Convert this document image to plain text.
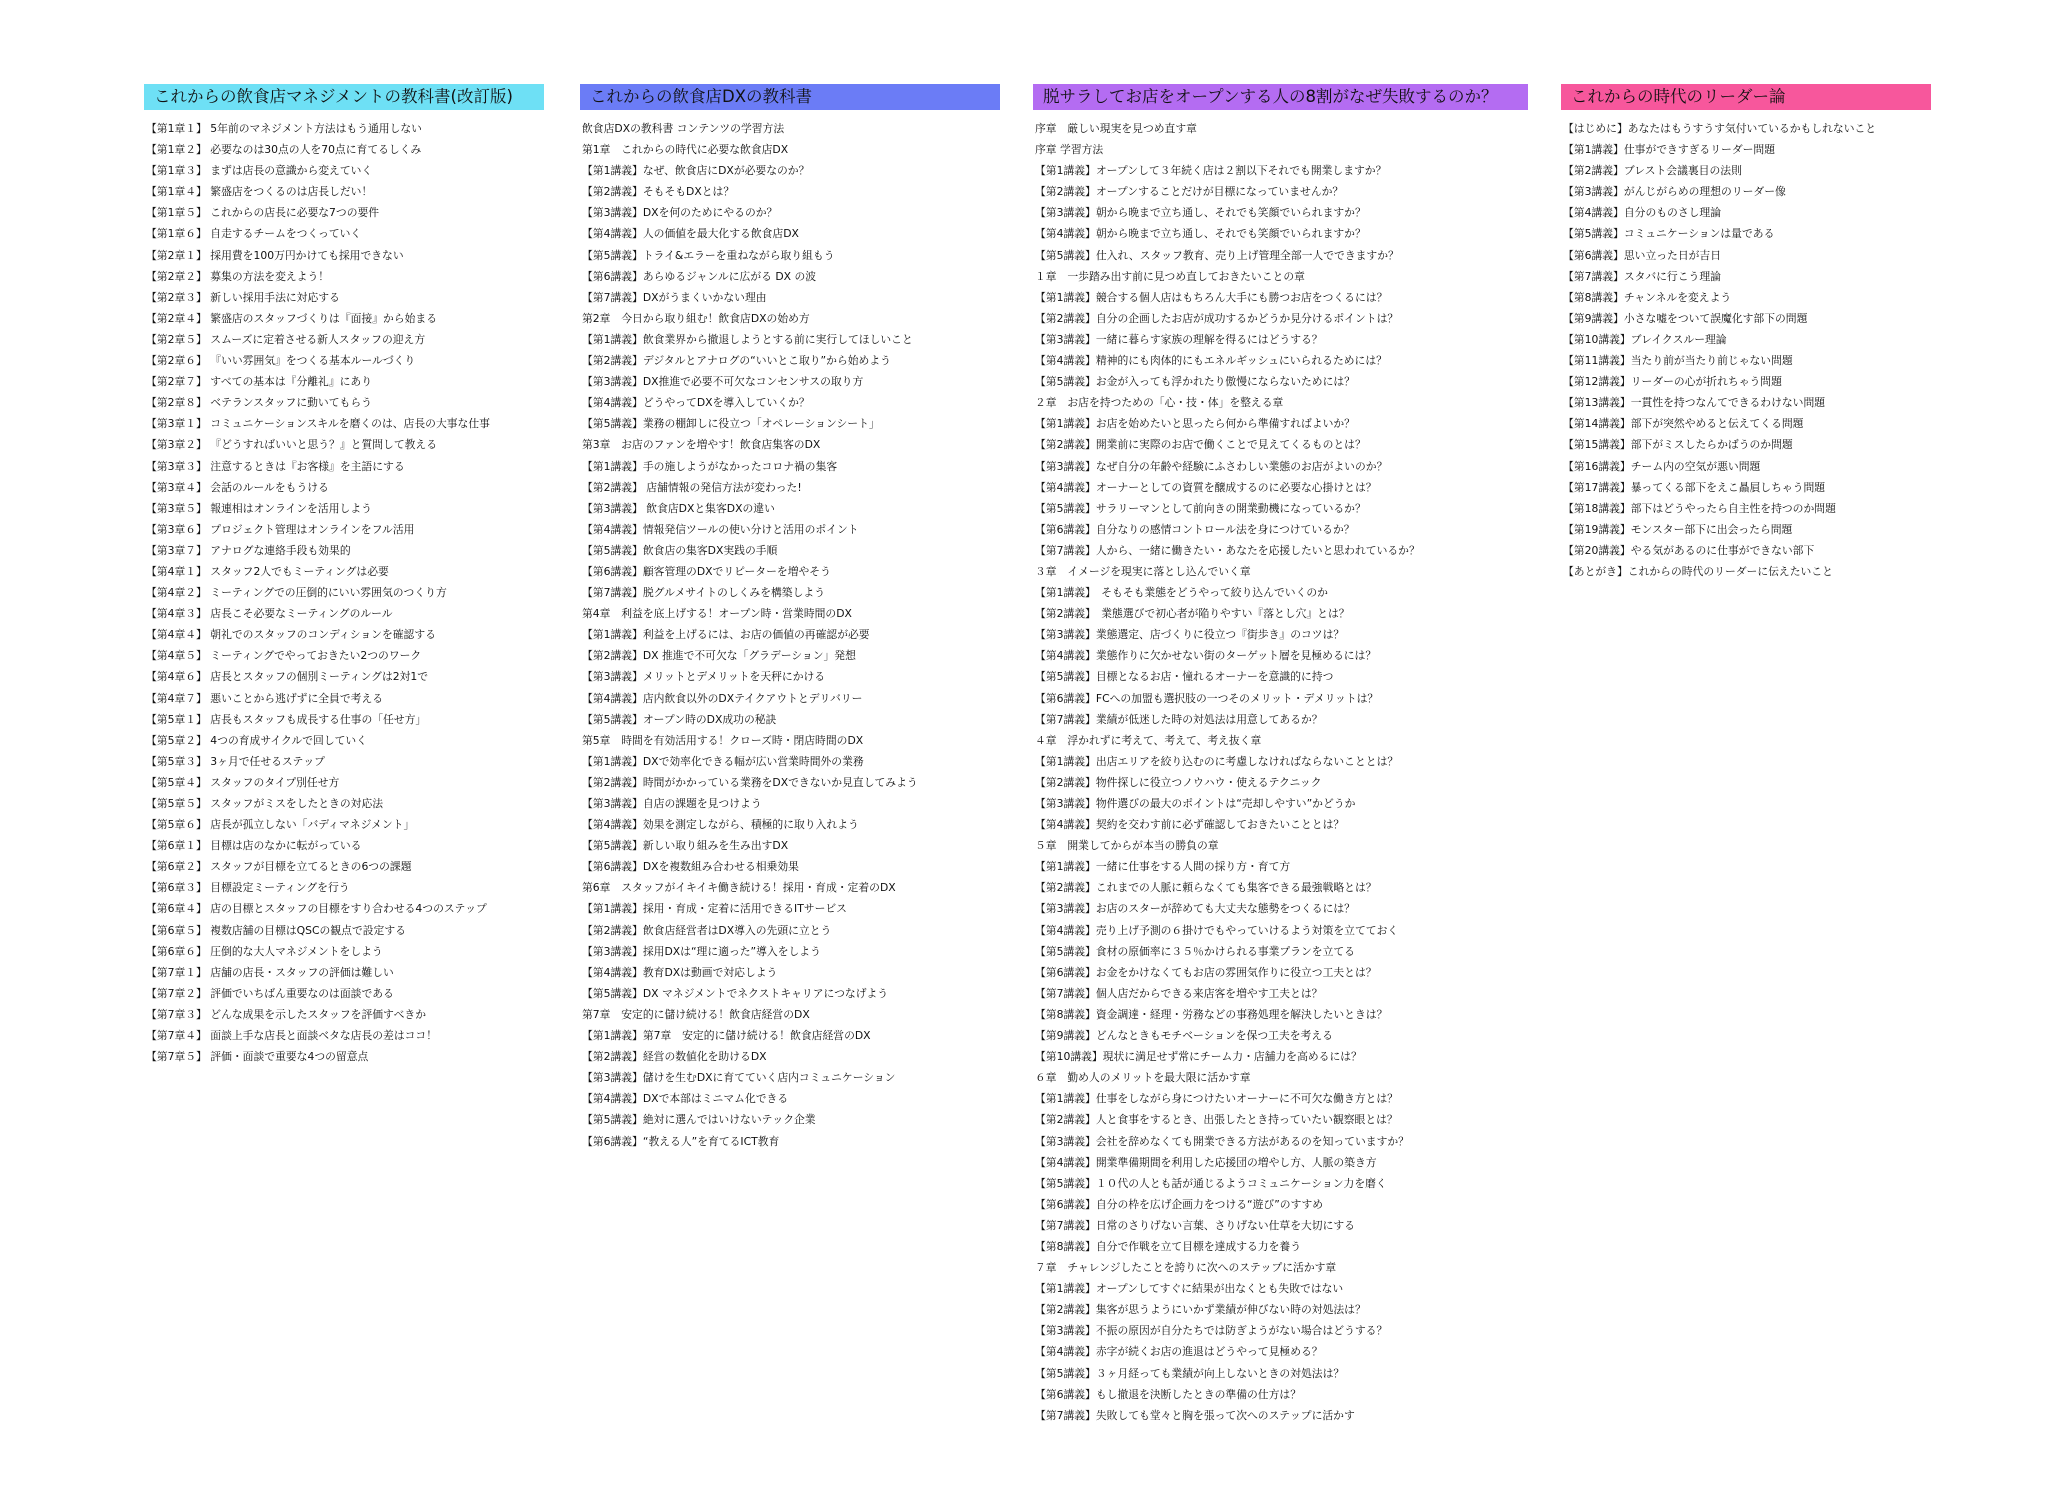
これからの飲食店マネジメントの教科書(改訂版)
【第1章１】 5年前のマネジメント方法はもう通用しない
【第1章２】 必要なのは30点の人を70点に育てるしくみ
【第1章３】 まずは店長の意識から変えていく
【第1章４】 繁盛店をつくるのは店長しだい！
【第1章５】 これからの店長に必要な7つの要件
【第1章６】 自走するチームをつくっていく
【第2章１】 採用費を100万円かけても採用できない
【第2章２】 募集の方法を変えよう！
【第2章３】 新しい採用手法に対応する
【第2章４】 繁盛店のスタッフづくりは『面接』から始まる
【第2章５】 スムーズに定着させる新人スタッフの迎え方
【第2章６】 『いい雰囲気』をつくる基本ルールづくり
【第2章７】 すべての基本は『分離礼』にあり
【第2章８】 ベテランスタッフに動いてもらう
【第3章１】 コミュニケーションスキルを磨くのは、店長の大事な仕事
【第3章２】 『どうすればいいと思う？』と質問して教える
【第3章３】 注意するときは『お客様』を主語にする
【第3章４】 会話のルールをもうける
【第3章５】 報連相はオンラインを活用しよう
【第3章６】 プロジェクト管理はオンラインをフル活用
【第3章７】 アナログな連絡手段も効果的
【第4章１】 スタッフ2人でもミーティングは必要
【第4章２】 ミーティングでの圧倒的にいい雰囲気のつくり方
【第4章３】 店長こそ必要なミーティングのルール
【第4章４】 朝礼でのスタッフのコンディションを確認する
【第4章５】 ミーティングでやっておきたい2つのワーク
【第4章６】 店長とスタッフの個別ミーティングは2対1で
【第4章７】 悪いことから逃げずに全員で考える
【第5章１】 店長もスタッフも成長する仕事の「任せ方」
【第5章２】 4つの育成サイクルで回していく
【第5章３】 3ヶ月で任せるステップ
【第5章４】 スタッフのタイプ別任せ方
【第5章５】 スタッフがミスをしたときの対応法
【第5章６】 店長が孤立しない「バディマネジメント」
【第6章１】 目標は店のなかに転がっている
【第6章２】 スタッフが目標を立てるときの6つの課題
【第6章３】 目標設定ミーティングを行う
【第6章４】 店の目標とスタッフの目標をすり合わせる4つのステップ
【第6章５】 複数店舗の目標はQSCの観点で設定する
【第6章６】 圧倒的な大人マネジメントをしよう
【第7章１】 店舗の店長・スタッフの評価は難しい
【第7章２】 評価でいちばん重要なのは面談である
【第7章３】 どんな成果を示したスタッフを評価すべきか
【第7章４】 面談上手な店長と面談ベタな店長の差はココ！
【第7章５】 評価・面談で重要な4つの留意点
これからの飲食店DXの教科書
飲食店DXの教科書 コンテンツの学習方法
第1章　これからの時代に必要な飲食店DX
【第1講義】なぜ、飲食店にDXが必要なのか？
【第2講義】そもそもDXとは？
【第3講義】DXを何のためにやるのか？
【第4講義】人の価値を最大化する飲食店DX
【第5講義】トライ&エラーを重ねながら取り組もう
【第6講義】あらゆるジャンルに広がる DX の波
【第7講義】DXがうまくいかない理由
第2章　今日から取り組む！飲食店DXの始め方
【第1講義】飲食業界から撤退しようとする前に実行してほしいこと
【第2講義】デジタルとアナログの“いいとこ取り”から始めよう
【第3講義】DX推進で必要不可欠なコンセンサスの取り方
【第4講義】どうやってDXを導入していくか？
【第5講義】業務の棚卸しに役立つ「オペレーションシート」
第3章　お店のファンを増やす！飲食店集客のDX
【第1講義】手の施しようがなかったコロナ禍の集客
【第2講義】 店舗情報の発信方法が変わった!
【第3講義】 飲食店DXと集客DXの違い
【第4講義】情報発信ツールの使い分けと活用のポイント
【第5講義】飲食店の集客DX実践の手順
【第6講義】顧客管理のDXでリピーターを増やそう
【第7講義】脱グルメサイトのしくみを構築しよう
第4章　利益を底上げする！オープン時・営業時間のDX
【第1講義】利益を上げるには、お店の価値の再確認が必要
【第2講義】DX 推進で不可欠な「グラデーション」発想
【第3講義】メリットとデメリットを天秤にかける
【第4講義】店内飲食以外のDXテイクアウトとデリバリー
【第5講義】オープン時のDX成功の秘訣
第5章　時間を有効活用する！クローズ時・閉店時間のDX
【第1講義】DXで効率化できる幅が広い営業時間外の業務
【第2講義】時間がかかっている業務をDXできないか見直してみよう
【第3講義】自店の課題を見つけよう
【第4講義】効果を測定しながら、積極的に取り入れよう
【第5講義】新しい取り組みを生み出すDX
【第6講義】DXを複数組み合わせる相乗効果
第6章　スタッフがイキイキ働き続ける！採用・育成・定着のDX
【第1講義】採用・育成・定着に活用できるITサービス
【第2講義】飲食店経営者はDX導入の先頭に立とう
【第3講義】採用DXは“理に適った”導入をしよう
【第4講義】教育DXは動画で対応しよう
【第5講義】DX マネジメントでネクストキャリアにつなげよう
第7章　安定的に儲け続ける！飲食店経営のDX
【第1講義】第7章　安定的に儲け続ける！飲食店経営のDX
【第2講義】経営の数値化を助けるDX
【第3講義】儲けを生むDXに育てていく店内コミュニケーション
【第4講義】DXで本部はミニマム化できる
【第5講義】絶対に選んではいけないテック企業
【第6講義】“教える人”を育てるICT教育
脱サラしてお店をオープンする人の8割がなぜ失敗するのか？
序章　厳しい現実を見つめ直す章
序章 学習方法
【第1講義】オープンして３年続く店は２割以下それでも開業しますか？
【第2講義】オープンすることだけが目標になっていませんか？
【第3講義】朝から晩まで立ち通し、それでも笑顔でいられますか？
【第4講義】朝から晩まで立ち通し、それでも笑顔でいられますか？
【第5講義】仕入れ、スタッフ教育、売り上げ管理全部一人でできますか？
１章　一歩踏み出す前に見つめ直しておきたいことの章
【第1講義】競合する個人店はもちろん大手にも勝つお店をつくるには？
【第2講義】自分の企画したお店が成功するかどうか見分けるポイントは？
【第3講義】一緒に暮らす家族の理解を得るにはどうする？
【第4講義】精神的にも肉体的にもエネルギッシュにいられるためには？
【第5講義】お金が入っても浮かれたり傲慢にならないためには？
２章　お店を持つための「心・技・体」を整える章
【第1講義】お店を始めたいと思ったら何から準備すればよいか？
【第2講義】開業前に実際のお店で働くことで見えてくるものとは？
【第3講義】なぜ自分の年齢や経験にふさわしい業態のお店がよいのか？
【第4講義】オーナーとしての資質を醸成するのに必要な心掛けとは？
【第5講義】サラリーマンとして前向きの開業動機になっているか？
【第6講義】自分なりの感情コントロール法を身につけているか？
【第7講義】人から、一緒に働きたい・あなたを応援したいと思われているか？
３章　イメージを現実に落とし込んでいく章
【第1講義】　そもそも業態をどうやって絞り込んでいくのか
【第2講義】　業態選びで初心者が陥りやすい『落とし穴』とは？
【第3講義】業態選定、店づくりに役立つ『街歩き』のコツは？
【第4講義】業態作りに欠かせない街のターゲット層を見極めるには？
【第5講義】目標となるお店・憧れるオーナーを意識的に持つ
【第6講義】FCへの加盟も選択肢の一つそのメリット・デメリットは？
【第7講義】業績が低迷した時の対処法は用意してあるか？
４章　浮かれずに考えて、考えて、考え抜く章
【第1講義】出店エリアを絞り込むのに考慮しなければならないこととは？
【第2講義】物件探しに役立つノウハウ・使えるテクニック
【第3講義】物件選びの最大のポイントは“売却しやすい”かどうか
【第4講義】契約を交わす前に必ず確認しておきたいこととは？
５章　開業してからが本当の勝負の章
【第1講義】一緒に仕事をする人間の採り方・育て方
【第2講義】これまでの人脈に頼らなくても集客できる最強戦略とは？
【第3講義】お店のスターが辞めても大丈夫な態勢をつくるには？
【第4講義】売り上げ予測の６掛けでもやっていけるよう対策を立てておく
【第5講義】食材の原価率に３５％かけられる事業プランを立てる
【第6講義】お金をかけなくてもお店の雰囲気作りに役立つ工夫とは？
【第7講義】個人店だからできる来店客を増やす工夫とは？
【第8講義】資金調達・経理・労務などの事務処理を解決したいときは？
【第9講義】どんなときもモチベーションを保つ工夫を考える
【第10講義】現状に満足せず常にチーム力・店舗力を高めるには？
６章　勤め人のメリットを最大限に活かす章
【第1講義】仕事をしながら身につけたいオーナーに不可欠な働き方とは？
【第2講義】人と食事をするとき、出張したとき持っていたい観察眼とは？
【第3講義】会社を辞めなくても開業できる方法があるのを知っていますか？
【第4講義】開業準備期間を利用した応援団の増やし方、人脈の築き方
【第5講義】１０代の人とも話が通じるようコミュニケーション力を磨く
【第6講義】自分の枠を広げ企画力をつける“遊び”のすすめ
【第7講義】日常のさりげない言葉、さりげない仕草を大切にする
【第8講義】自分で作戦を立て目標を達成する力を養う
７章　チャレンジしたことを誇りに次へのステップに活かす章
【第1講義】オープンしてすぐに結果が出なくとも失敗ではない
【第2講義】集客が思うようにいかず業績が伸びない時の対処法は？
【第3講義】不振の原因が自分たちでは防ぎようがない場合はどうする？
【第4講義】赤字が続くお店の進退はどうやって見極める？
【第5講義】３ヶ月経っても業績が向上しないときの対処法は？
【第6講義】もし撤退を決断したときの準備の仕方は？
【第7講義】失敗しても堂々と胸を張って次へのステップに活かす
これからの時代のリーダー論
【はじめに】あなたはもうすうす気付いているかもしれないこと
【第1講義】仕事ができすぎるリーダー問題
【第2講義】ブレスト会議裏目の法則
【第3講義】がんじがらめの理想のリーダー像
【第4講義】自分のものさし理論
【第5講義】コミュニケーションは量である
【第6講義】思い立った日が吉日
【第7講義】スタバに行こう理論
【第8講義】チャンネルを変えよう
【第9講義】小さな嘘をついて誤魔化す部下の問題
【第10講義】ブレイクスルー理論
【第11講義】当たり前が当たり前じゃない問題
【第12講義】リーダーの心が折れちゃう問題
【第13講義】一貫性を持つなんてできるわけない問題
【第14講義】部下が突然やめると伝えてくる問題
【第15講義】部下がミスしたらかばうのか問題
【第16講義】チーム内の空気が悪い問題
【第17講義】暴ってくる部下をえこ贔屓しちゃう問題
【第18講義】部下はどうやったら自主性を持つのか問題
【第19講義】モンスター部下に出会ったら問題
【第20講義】やる気があるのに仕事ができない部下
【あとがき】これからの時代のリーダーに伝えたいこと
